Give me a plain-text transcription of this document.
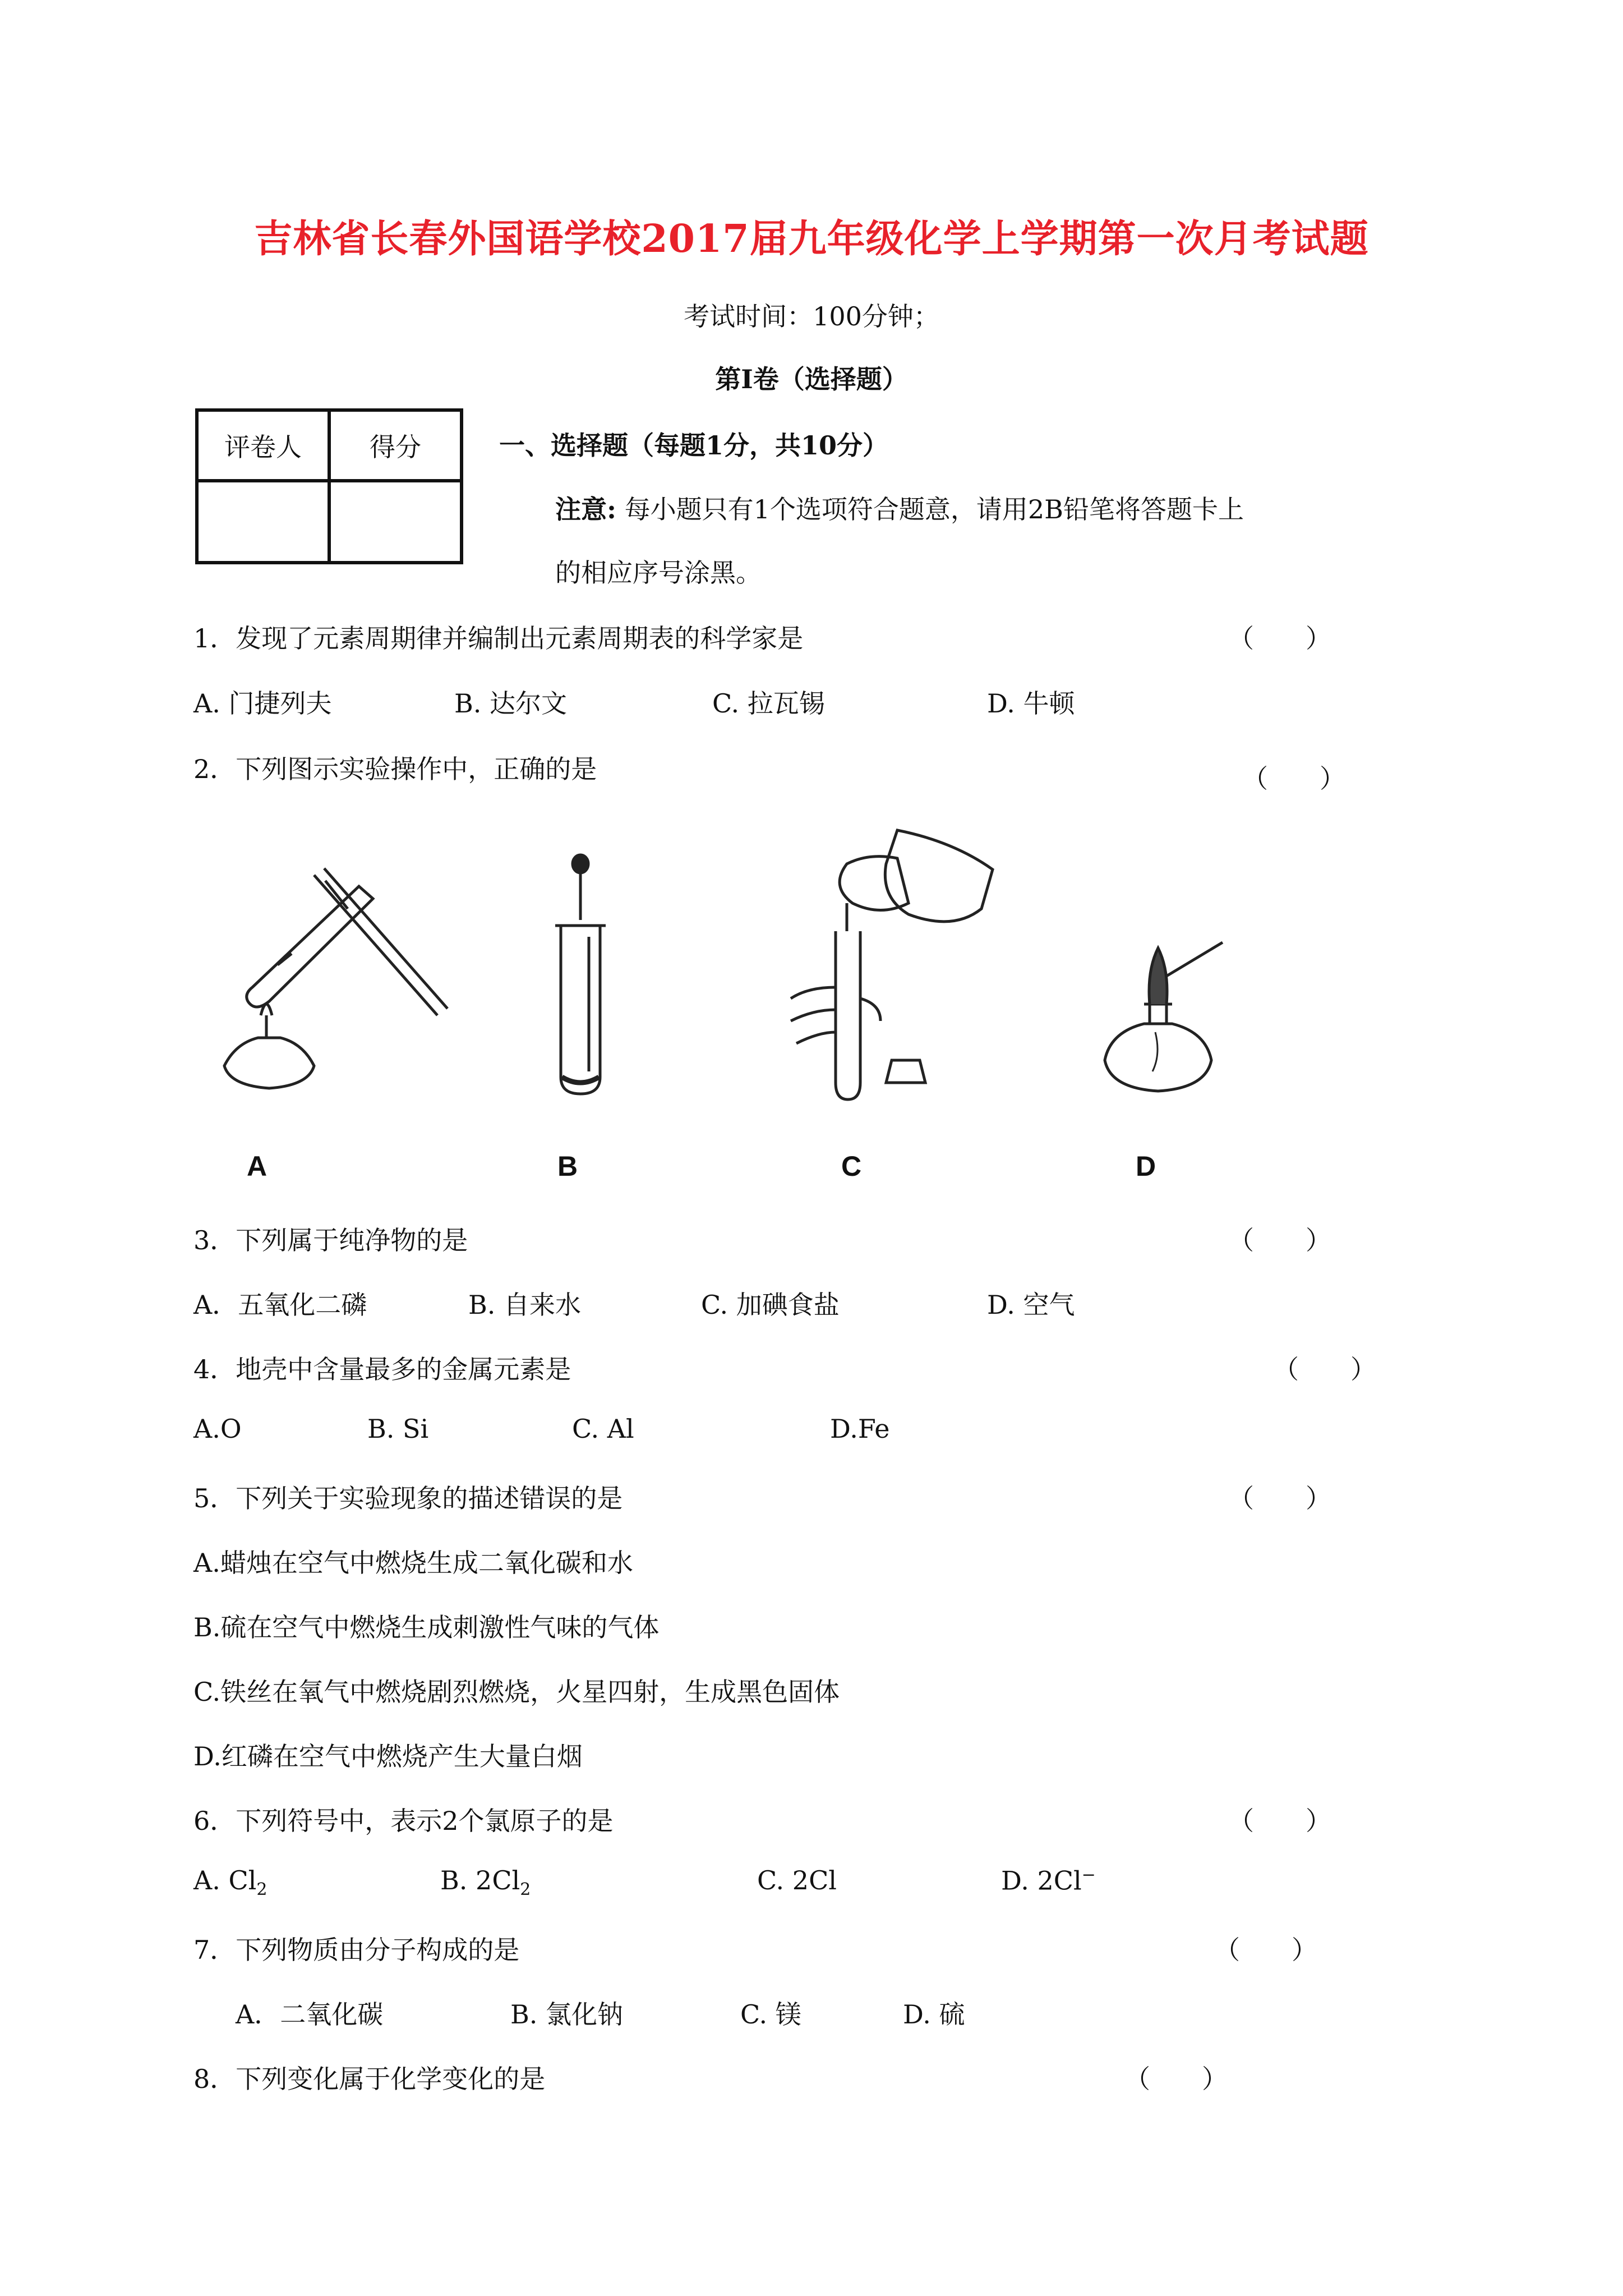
吉林省长春外国语学校2017届九年级化学上学期第一次月考试题
考试时间：100分钟；
第Ⅰ卷（选择题）
评卷人	得分
		一、选择题（每题1分，共10分）
注意: 每小题只有1个选项符合题意，请用2B铅笔将答题卡上
的相应序号涂黑。
1．发现了元素周期律并编制出元素周期表的科学家是	（　　）
A. 门捷列夫	B. 达尔文	C. 拉瓦锡	D. 牛顿
2．下列图示实验操作中，正确的是	（　　）
A	B	C	D
3．下列属于纯净物的是	（　　）
A．五氧化二磷	B. 自来水	C. 加碘食盐	D. 空气
4．地壳中含量最多的金属元素是	（　　）
A.O	B. Si	C. Al	D.Fe
5．下列关于实验现象的描述错误的是	（　　）
A.蜡烛在空气中燃烧生成二氧化碳和水
B.硫在空气中燃烧生成刺激性气味的气体
C.铁丝在氧气中燃烧剧烈燃烧，火星四射，生成黑色固体
D.红磷在空气中燃烧产生大量白烟
6．下列符号中，表示2个氯原子的是	（　　）
A. $Cl_2$	B. $2Cl_2$	C. 2Cl	D. 2Cl−
7．下列物质由分子构成的是	（　　）
A．二氧化碳	B. 氯化钠	C. 镁	D. 硫
8．下列变化属于化学变化的是	（　　）
